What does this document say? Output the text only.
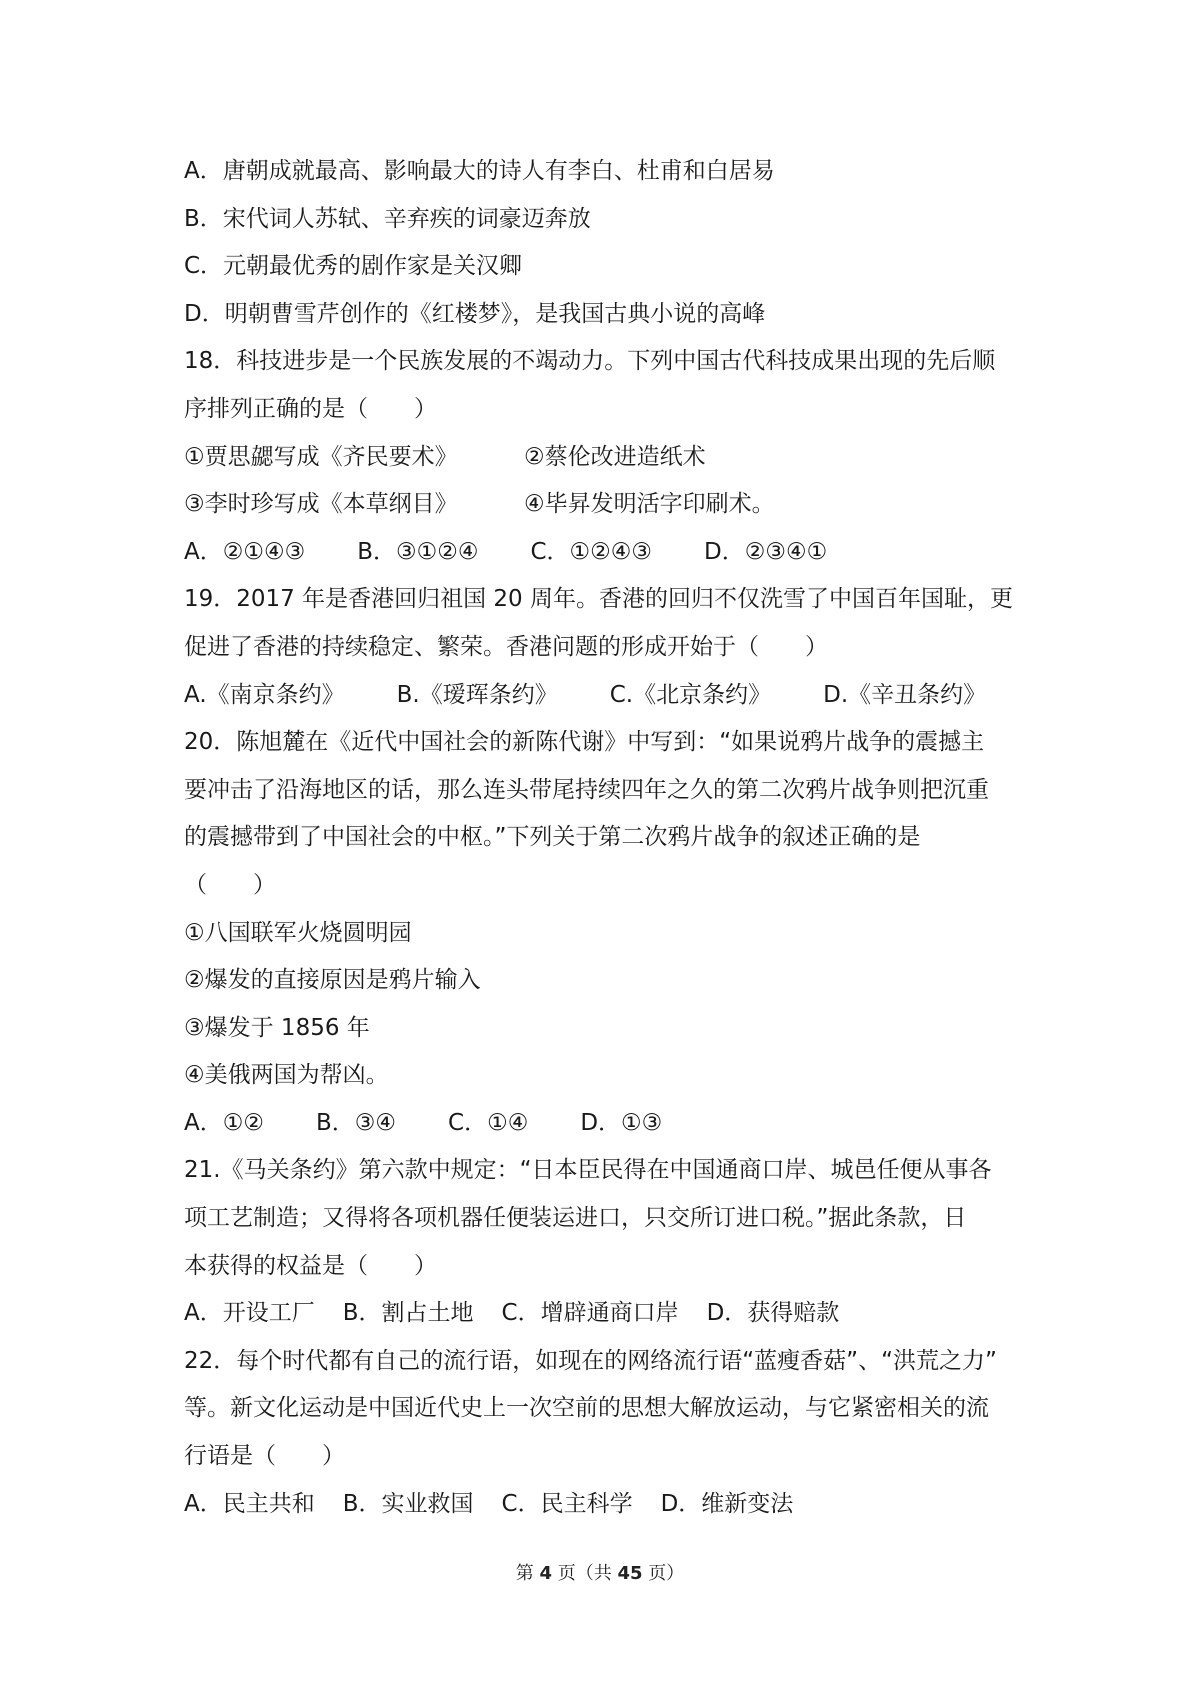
A．唐朝成就最高、影响最大的诗人有李白、杜甫和白居易
B．宋代词人苏轼、辛弃疾的词豪迈奔放
C．元朝最优秀的剧作家是关汉卿
D．明朝曹雪芹创作的《红楼梦》，是我国古典小说的高峰
18．科技进步是一个民族发展的不竭动力。下列中国古代科技成果出现的先后顺
序排列正确的是（　　）
①贾思勰写成《齐民要术》	②蔡伦改进造纸术
③李时珍写成《本草纲目》	④毕昇发明活字印刷术。
A．②①④③ B．③①②④ C．①②④③ D．②③④①
19．2017 年是香港回归祖国 20 周年。香港的回归不仅洗雪了中国百年国耻，更
促进了香港的持续稳定、繁荣。香港问题的形成开始于（　　）
A.《南京条约》 B.《瑷珲条约》 C.《北京条约》 D.《辛丑条约》
20．陈旭麓在《近代中国社会的新陈代谢》中写到：“如果说鸦片战争的震撼主
要冲击了沿海地区的话，那么连头带尾持续四年之久的第二次鸦片战争则把沉重
的震撼带到了中国社会的中枢。”下列关于第二次鸦片战争的叙述正确的是
（　　）
①八国联军火烧圆明园
②爆发的直接原因是鸦片输入
③爆发于 1856 年
④美俄两国为帮凶。
A．①② B．③④ C．①④ D．①③
21.《马关条约》第六款中规定：“日本臣民得在中国通商口岸、城邑任便从事各
项工艺制造；又得将各项机器任便装运进口，只交所订进口税。”据此条款，日
本获得的权益是（　　）
A．开设工厂 B．割占土地 C．增辟通商口岸 D．获得赔款
22．每个时代都有自己的流行语，如现在的网络流行语“蓝瘦香菇”、“洪荒之力”
等。新文化运动是中国近代史上一次空前的思想大解放运动，与它紧密相关的流
行语是（　　）
A．民主共和 B．实业救国 C．民主科学 D．维新变法
第 4 页（共 45 页）
